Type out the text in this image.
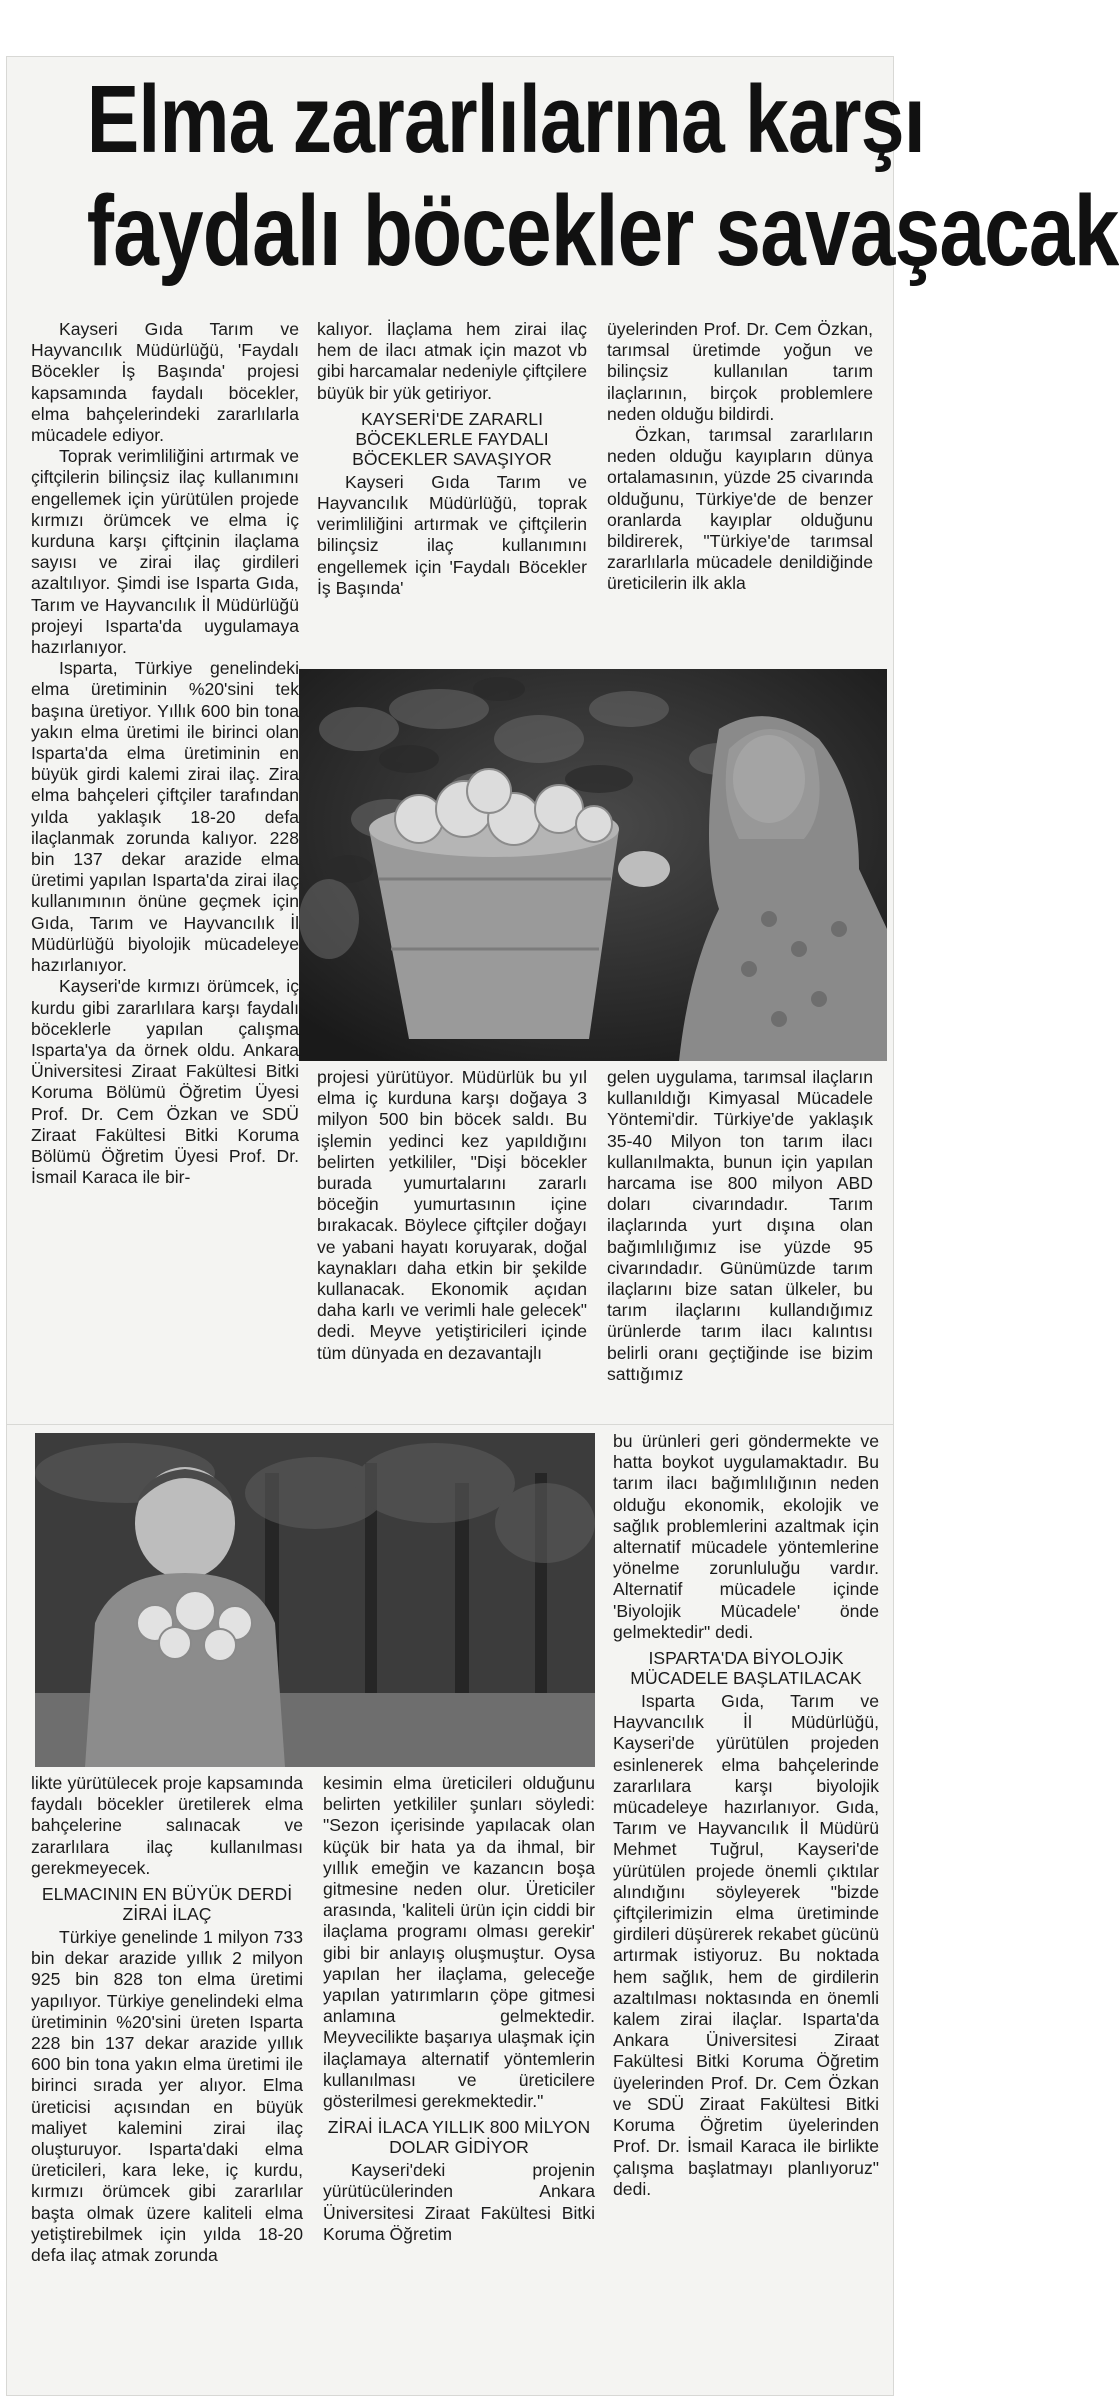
Elma zararlılarına karşı
faydalı böcekler savaşacak

Kayseri Gıda Tarım ve Hayvancılık Müdürlüğü, 'Faydalı Böcekler İş Başında' projesi kapsamında faydalı böcekler, elma bahçelerindeki zararlılarla mücadele ediyor.

Toprak verimliliğini artırmak ve çiftçilerin bilinçsiz ilaç kullanımını engellemek için yürütülen projede kırmızı örümcek ve elma iç kurduna karşı çiftçinin ilaçlama sayısı ve zirai ilaç girdileri azaltılıyor. Şimdi ise Isparta Gıda, Tarım ve Hayvancılık İl Müdürlüğü projeyi Isparta'da uygulamaya hazırlanıyor.

Isparta, Türkiye genelindeki elma üretiminin %20'sini tek başına üretiyor. Yıllık 600 bin tona yakın elma üretimi ile birinci olan Isparta'da elma üretiminin en büyük girdi kalemi zirai ilaç. Zira elma bahçeleri çiftçiler tarafından yılda yaklaşık 18-20 defa ilaçlanmak zorunda kalıyor. 228 bin 137 dekar arazide elma üretimi yapılan Isparta'da zirai ilaç kullanımının önüne geçmek için Gıda, Tarım ve Hayvancılık İl Müdürlüğü biyolojik mücadeleye hazırlanıyor.

Kayseri'de kırmızı örümcek, iç kurdu gibi zararlılara karşı faydalı böceklerle yapılan çalışma Isparta'ya da örnek oldu. Ankara Üniversitesi Ziraat Fakültesi Bitki Koruma Bölümü Öğretim Üyesi Prof. Dr. Cem Özkan ve SDÜ Ziraat Fakültesi Bitki Koruma Bölümü Öğretim Üyesi Prof. Dr. İsmail Karaca ile bir-

kalıyor. İlaçlama hem zirai ilaç hem de ilacı atmak için mazot vb gibi harcamalar nedeniyle çiftçilere büyük bir yük getiriyor.

KAYSERİ'DE ZARARLI BÖCEKLERLE FAYDALI BÖCEKLER SAVAŞIYOR

Kayseri Gıda Tarım ve Hayvancılık Müdürlüğü, toprak verimliliğini artırmak ve çiftçilerin bilinçsiz ilaç kullanımını engellemek için 'Faydalı Böcekler İş Başında'

üyelerinden Prof. Dr. Cem Özkan, tarımsal üretimde yoğun ve bilinçsiz kullanılan tarım ilaçlarının, birçok problemlere neden olduğu bildirdi.

Özkan, tarımsal zararlıların neden olduğu kayıpların dünya ortalamasının, yüzde 25 civarında olduğunu, Türkiye'de de benzer oranlarda kayıplar olduğunu bildirerek, "Türkiye'de tarımsal zararlılarla mücadele denildiğinde üreticilerin ilk akla

projesi yürütüyor. Müdürlük bu yıl elma iç kurduna karşı doğaya 3 milyon 500 bin böcek saldı. Bu işlemin yedinci kez yapıldığını belirten yetkililer, "Dişi böcekler burada yumurtalarını zararlı böceğin yumurtasının içine bırakacak. Böylece çiftçiler doğayı ve yabani hayatı koruyarak, doğal kaynakları daha etkin bir şekilde kullanacak. Ekonomik açıdan daha karlı ve verimli hale gelecek" dedi. Meyve yetiştiricileri içinde tüm dünyada en dezavantajlı

gelen uygulama, tarımsal ilaçların kullanıldığı Kimyasal Mücadele Yöntemi'dir. Türkiye'de yaklaşık 35-40 Milyon ton tarım ilacı kullanılmakta, bunun için yapılan harcama ise 800 milyon ABD doları civarındadır. Tarım ilaçlarında yurt dışına olan bağımlılığımız ise yüzde 95 civarındadır. Günümüzde tarım ilaçlarını bize satan ülkeler, bu tarım ilaçlarını kullandığımız ürünlerde tarım ilacı kalıntısı belirli oranı geçtiğinde ise bizim sattığımız

bu ürünleri geri göndermekte ve hatta boykot uygulamaktadır. Bu tarım ilacı bağımlılığının neden olduğu ekonomik, ekolojik ve sağlık problemlerini azaltmak için alternatif mücadele yöntemlerine yönelme zorunluluğu vardır. Alternatif mücadele içinde 'Biyolojik Mücadele' önde gelmektedir" dedi.

ISPARTA'DA BİYOLOJİK MÜCADELE BAŞLATILACAK

Isparta Gıda, Tarım ve Hayvancılık İl Müdürlüğü, Kayseri'de yürütülen projeden esinlenerek elma bahçelerinde zararlılara karşı biyolojik mücadeleye hazırlanıyor. Gıda, Tarım ve Hayvancılık İl Müdürü Mehmet Tuğrul, Kayseri'de yürütülen projede önemli çıktılar alındığını söyleyerek "bizde çiftçilerimizin elma üretiminde girdileri düşürerek rekabet gücünü artırmak istiyoruz. Bu noktada hem sağlık, hem de girdilerin azaltılması noktasında en önemli kalem zirai ilaçlar. Isparta'da Ankara Üniversitesi Ziraat Fakültesi Bitki Koruma Öğretim üyelerinden Prof. Dr. Cem Özkan ve SDÜ Ziraat Fakültesi Bitki Koruma Öğretim üyelerinden Prof. Dr. İsmail Karaca ile birlikte çalışma başlatmayı planlıyoruz" dedi.

likte yürütülecek proje kapsamında faydalı böcekler üretilerek elma bahçelerine salınacak ve zararlılara ilaç kullanılması gerekmeyecek.

ELMACININ EN BÜYÜK DERDİ ZİRAİ İLAÇ

Türkiye genelinde 1 milyon 733 bin dekar arazide yıllık 2 milyon 925 bin 828 ton elma üretimi yapılıyor. Türkiye genelindeki elma üretiminin %20'sini üreten Isparta 228 bin 137 dekar arazide yıllık 600 bin tona yakın elma üretimi ile birinci sırada yer alıyor. Elma üreticisi açısından en büyük maliyet kalemini zirai ilaç oluşturuyor. Isparta'daki elma üreticileri, kara leke, iç kurdu, kırmızı örümcek gibi zararlılar başta olmak üzere kaliteli elma yetiştirebilmek için yılda 18-20 defa ilaç atmak zorunda

kesimin elma üreticileri olduğunu belirten yetkililer şunları söyledi: "Sezon içerisinde yapılacak olan küçük bir hata ya da ihmal, bir yıllık emeğin ve kazancın boşa gitmesine neden olur. Üreticiler arasında, 'kaliteli ürün için ciddi bir ilaçlama programı olması gerekir' gibi bir anlayış oluşmuştur. Oysa yapılan her ilaçlama, geleceğe yapılan yatırımların çöpe gitmesi anlamına gelmektedir. Meyvecilikte başarıya ulaşmak için ilaçlamaya alternatif yöntemlerin kullanılması ve üreticilere gösterilmesi gerekmektedir."

ZİRAİ İLACA YILLIK 800 MİLYON DOLAR GİDİYOR

Kayseri'deki projenin yürütücülerinden Ankara Üniversitesi Ziraat Fakültesi Bitki Koruma Öğretim
